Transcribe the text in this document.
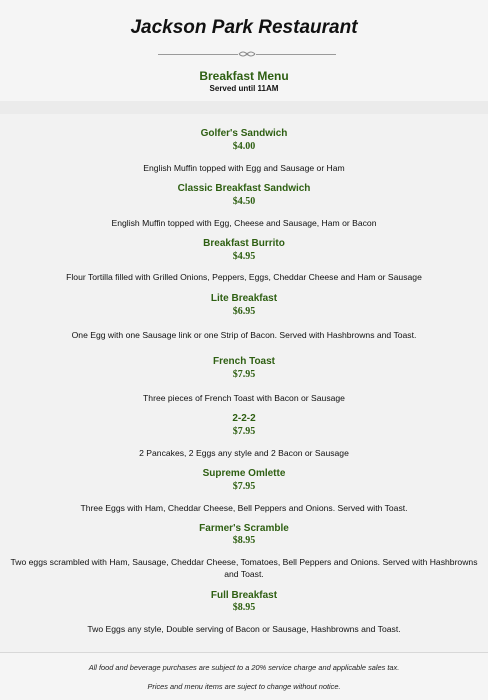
Jackson Park Restaurant
Breakfast Menu
Served until 11AM
Golfer's Sandwich
$4.00
English Muffin topped with Egg and Sausage or Ham
Classic Breakfast Sandwich
$4.50
English Muffin topped with Egg, Cheese and Sausage, Ham or Bacon
Breakfast Burrito
$4.95
Flour Tortilla filled with Grilled Onions, Peppers, Eggs, Cheddar Cheese and Ham or Sausage
Lite Breakfast
$6.95
One Egg with one Sausage link or one Strip of Bacon. Served with Hashbrowns and Toast.
French Toast
$7.95
Three pieces of French Toast with Bacon or Sausage
2-2-2
$7.95
2 Pancakes, 2 Eggs any style and 2 Bacon or Sausage
Supreme Omlette
$7.95
Three Eggs with Ham, Cheddar Cheese, Bell Peppers and Onions. Served with Toast.
Farmer's Scramble
$8.95
Two eggs scrambled with Ham, Sausage, Cheddar Cheese, Tomatoes, Bell Peppers and Onions. Served with Hashbrowns and Toast.
Full Breakfast
$8.95
Two Eggs any style, Double serving of Bacon or Sausage, Hashbrowns and Toast.
All food and beverage purchases are subject to a 20% service charge and applicable sales tax.
Prices and menu items are suject to change without notice.
